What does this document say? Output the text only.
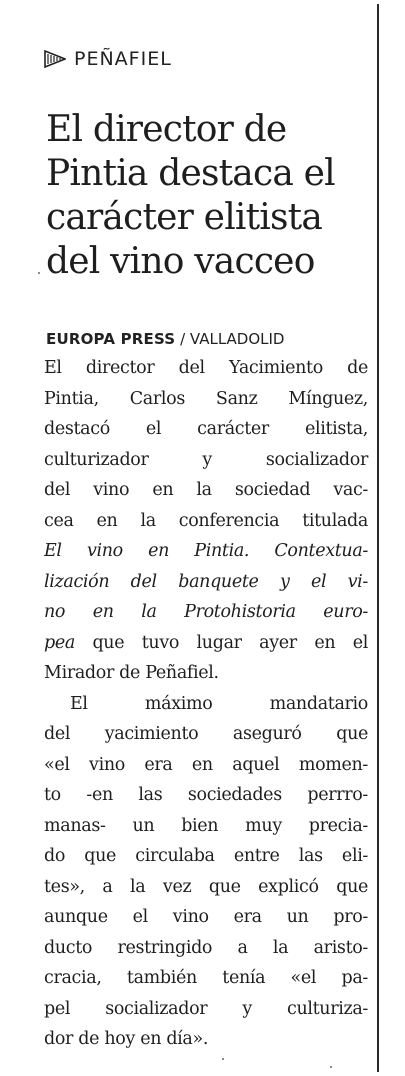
PEÑAFIEL
El director de
Pintia destaca el
carácter elitista
del vino vacceo
EUROPA PRESS / VALLADOLID
El director del Yacimiento de
Pintia, Carlos Sanz Mínguez,
destacó el carácter elitista,
culturizador y socializador
del vino en la sociedad vac-
cea en la conferencia titulada
El vino en Pintia. Contextua-
lización del banquete y el vi-
no en la Protohistoria euro-
pea que tuvo lugar ayer en el
Mirador de Peñafiel.
El máximo mandatario
del yacimiento aseguró que
«el vino era en aquel momen-
to -en las sociedades perrro-
manas- un bien muy precia-
do que circulaba entre las eli-
tes», a la vez que explicó que
aunque el vino era un pro-
ducto restringido a la aristo-
cracia, también tenía «el pa-
pel socializador y culturiza-
dor de hoy en día».
